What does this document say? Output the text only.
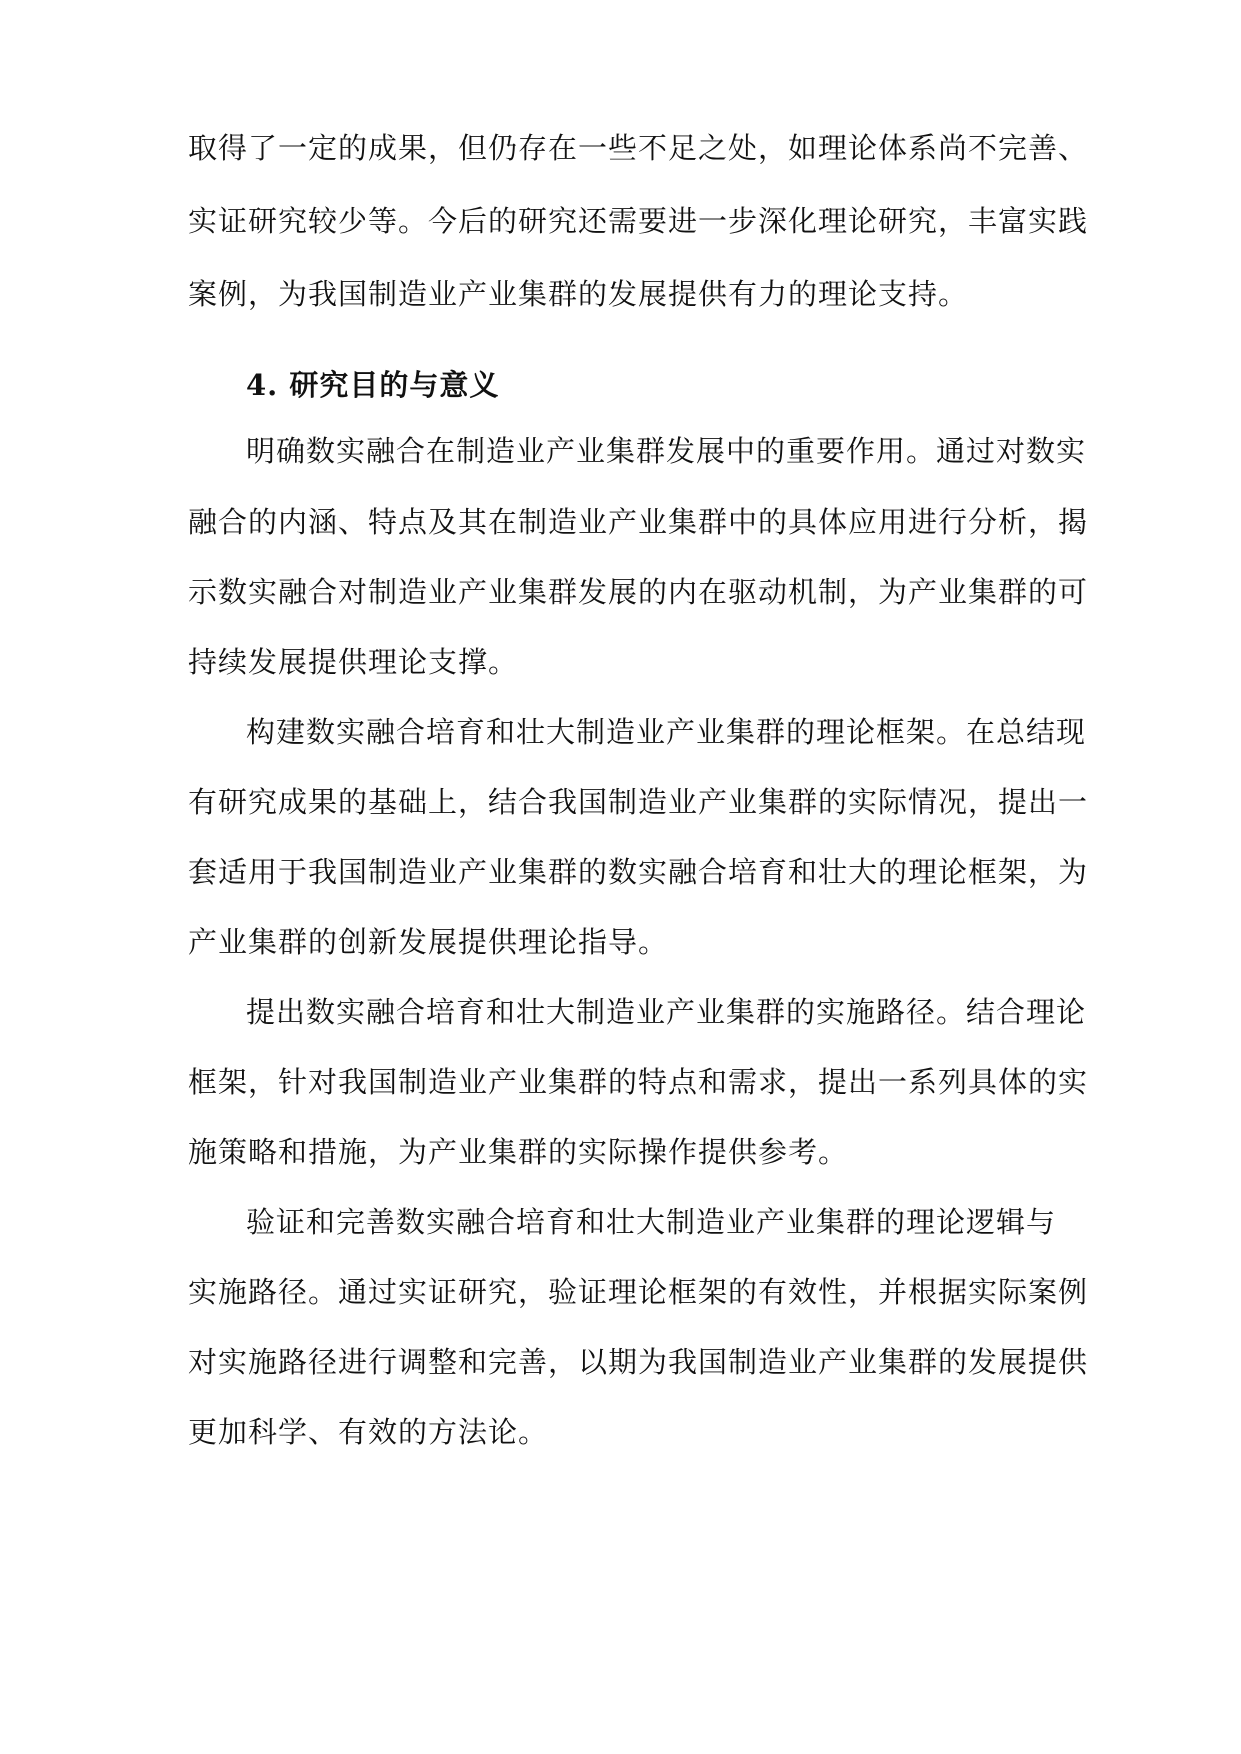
取得了一定的成果，但仍存在一些不足之处，如理论体系尚不完善、
实证研究较少等。今后的研究还需要进一步深化理论研究，丰富实践
案例，为我国制造业产业集群的发展提供有力的理论支持。
4. 研究目的与意义
明确数实融合在制造业产业集群发展中的重要作用。通过对数实
融合的内涵、特点及其在制造业产业集群中的具体应用进行分析，揭
示数实融合对制造业产业集群发展的内在驱动机制，为产业集群的可
持续发展提供理论支撑。
构建数实融合培育和壮大制造业产业集群的理论框架。在总结现
有研究成果的基础上，结合我国制造业产业集群的实际情况，提出一
套适用于我国制造业产业集群的数实融合培育和壮大的理论框架，为
产业集群的创新发展提供理论指导。
提出数实融合培育和壮大制造业产业集群的实施路径。结合理论
框架，针对我国制造业产业集群的特点和需求，提出一系列具体的实
施策略和措施，为产业集群的实际操作提供参考。
验证和完善数实融合培育和壮大制造业产业集群的理论逻辑与
实施路径。通过实证研究，验证理论框架的有效性，并根据实际案例
对实施路径进行调整和完善，以期为我国制造业产业集群的发展提供
更加科学、有效的方法论。
